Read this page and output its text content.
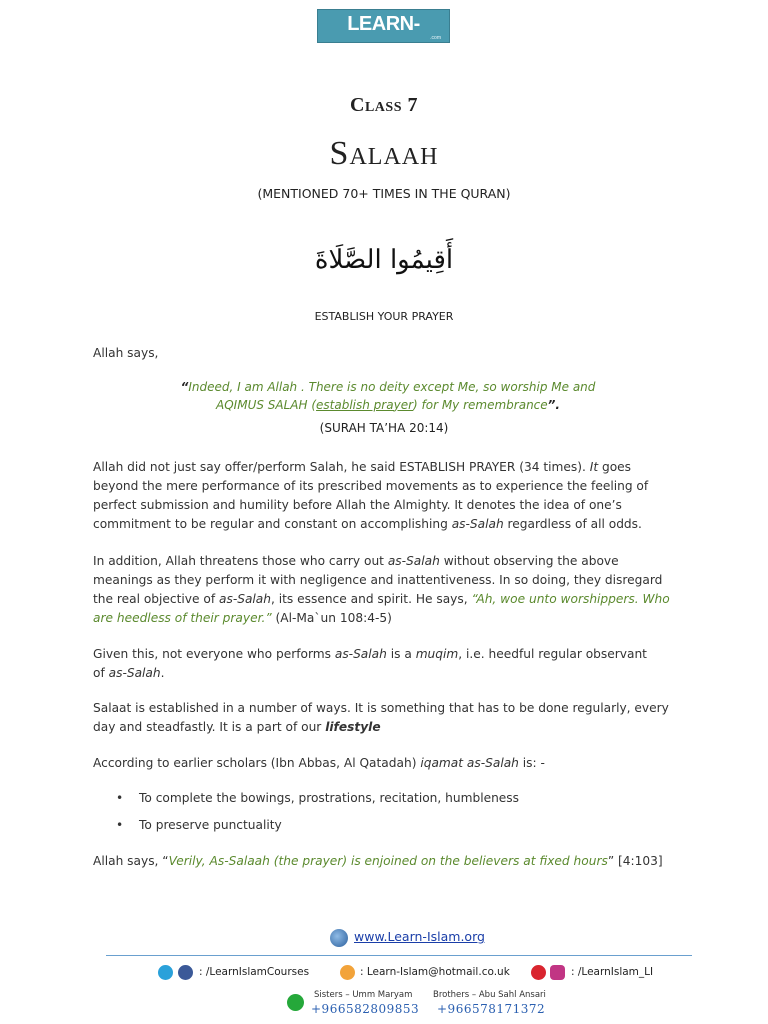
LEARN-ISLAM
.com
Class 7
Salaah
(MENTIONED 70+ TIMES IN THE QURAN)
أَقِيمُوا الصَّلَاةَ
ESTABLISH YOUR PRAYER
Allah says,
“Indeed, I am Allah . There is no deity except Me, so worship Me and
AQIMUS SALAH (establish prayer) for My remembrance”.
(SURAH TA’HA 20:14)
Allah did not just say offer/perform Salah, he said ESTABLISH PRAYER (34 times). It goes beyond the mere performance of its prescribed movements as to experience the feeling of perfect submission and humility before Allah the Almighty. It denotes the idea of one’s commitment to be regular and constant on accomplishing as-Salah regardless of all odds.
In addition, Allah threatens those who carry out as-Salah without observing the above meanings as they perform it with negligence and inattentiveness. In so doing, they disregard the real objective of as-Salah, its essence and spirit. He says, “Ah, woe unto worshippers. Who are heedless of their prayer.” (Al-Ma`un 108:4-5)
Given this, not everyone who performs as-Salah is a muqim, i.e. heedful regular observant of as-Salah.
Salaat is established in a number of ways. It is something that has to be done regularly, every day and steadfastly. It is a part of our lifestyle
According to earlier scholars (Ibn Abbas, Al Qatadah) iqamat as-Salah is: -
• To complete the bowings, prostrations, recitation, humbleness
• To preserve punctuality
Allah says, “Verily, As-Salaah (the prayer) is enjoined on the believers at fixed hours” [4:103]
www.Learn-Islam.org
: /LearnIslamCourses	: Learn-Islam@hotmail.co.uk	: /LearnIslam_LI
Sisters – Umm Maryam
+966582809853
Brothers – Abu Sahl Ansari
+966578171372
